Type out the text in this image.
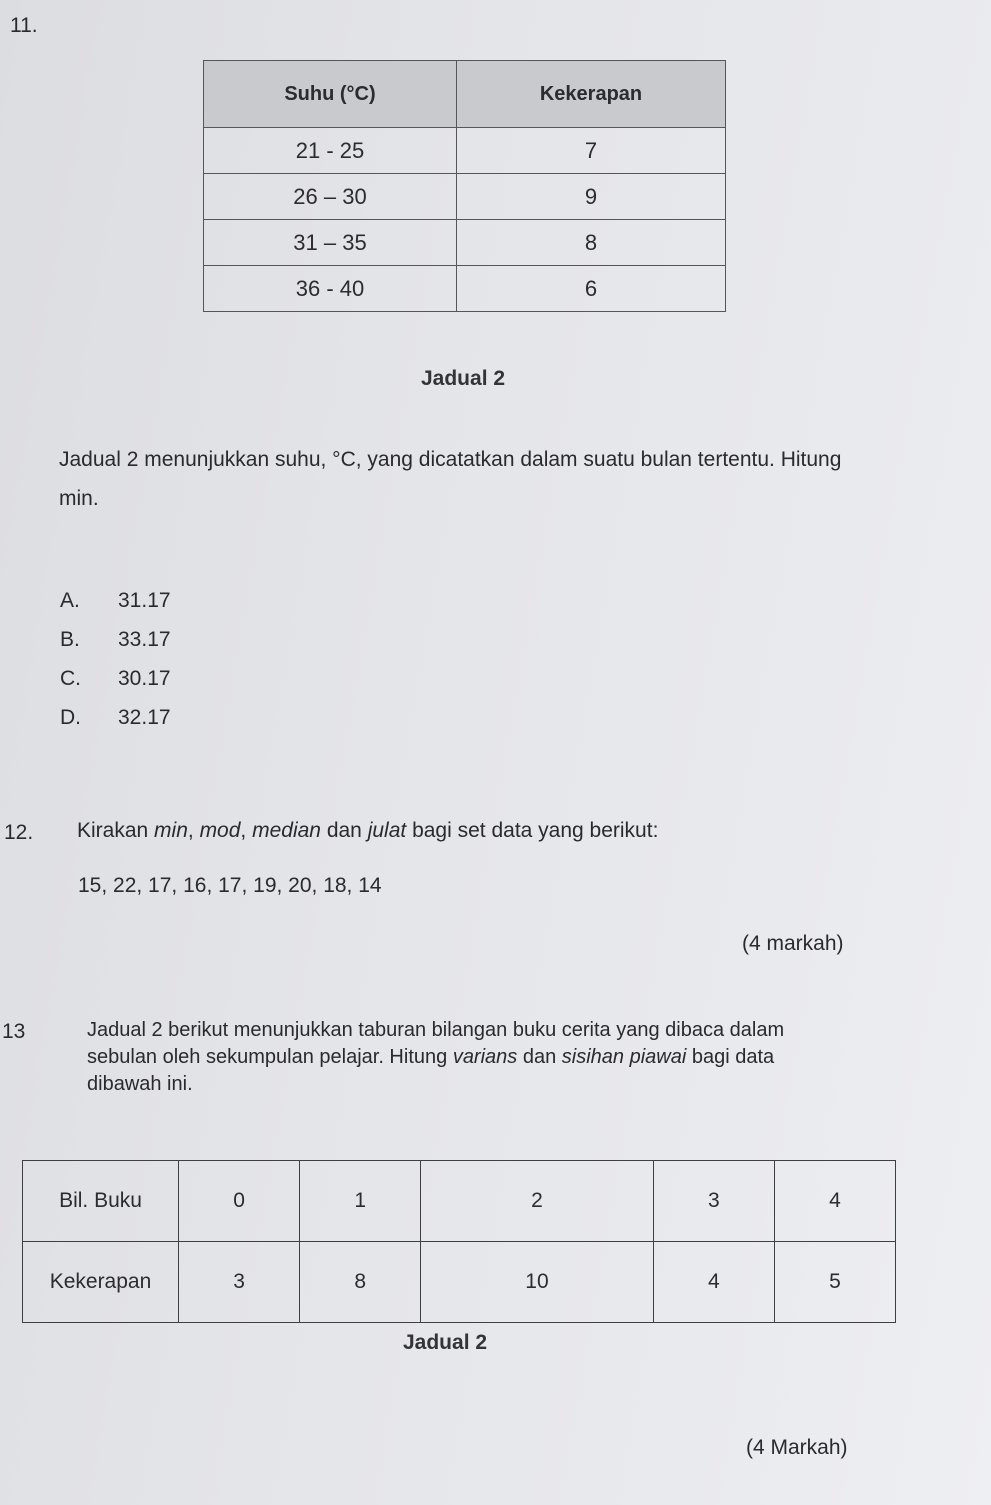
11.
Suhu (°C)	Kekerapan
21 - 25	7
26 – 30	9
31 – 35	8
36 - 40	6
Jadual 2
Jadual 2 menunjukkan suhu, °C, yang dicatatkan dalam suatu bulan tertentu. Hitung
min.
A. 31.17
B. 33.17
C. 30.17
D. 32.17
12. Kirakan min, mod, median dan julat bagi set data yang berikut:
15, 22, 17, 16, 17, 19, 20, 18, 14
(4 markah)
13	Jadual 2 berikut menunjukkan taburan bilangan buku cerita yang dibaca dalam
sebulan oleh sekumpulan pelajar. Hitung varians dan sisihan piawai bagi data
dibawah ini.
Bil. Buku	0	1	2	3	4
Kekerapan	3	8	10	4	5
Jadual 2
(4 Markah)
